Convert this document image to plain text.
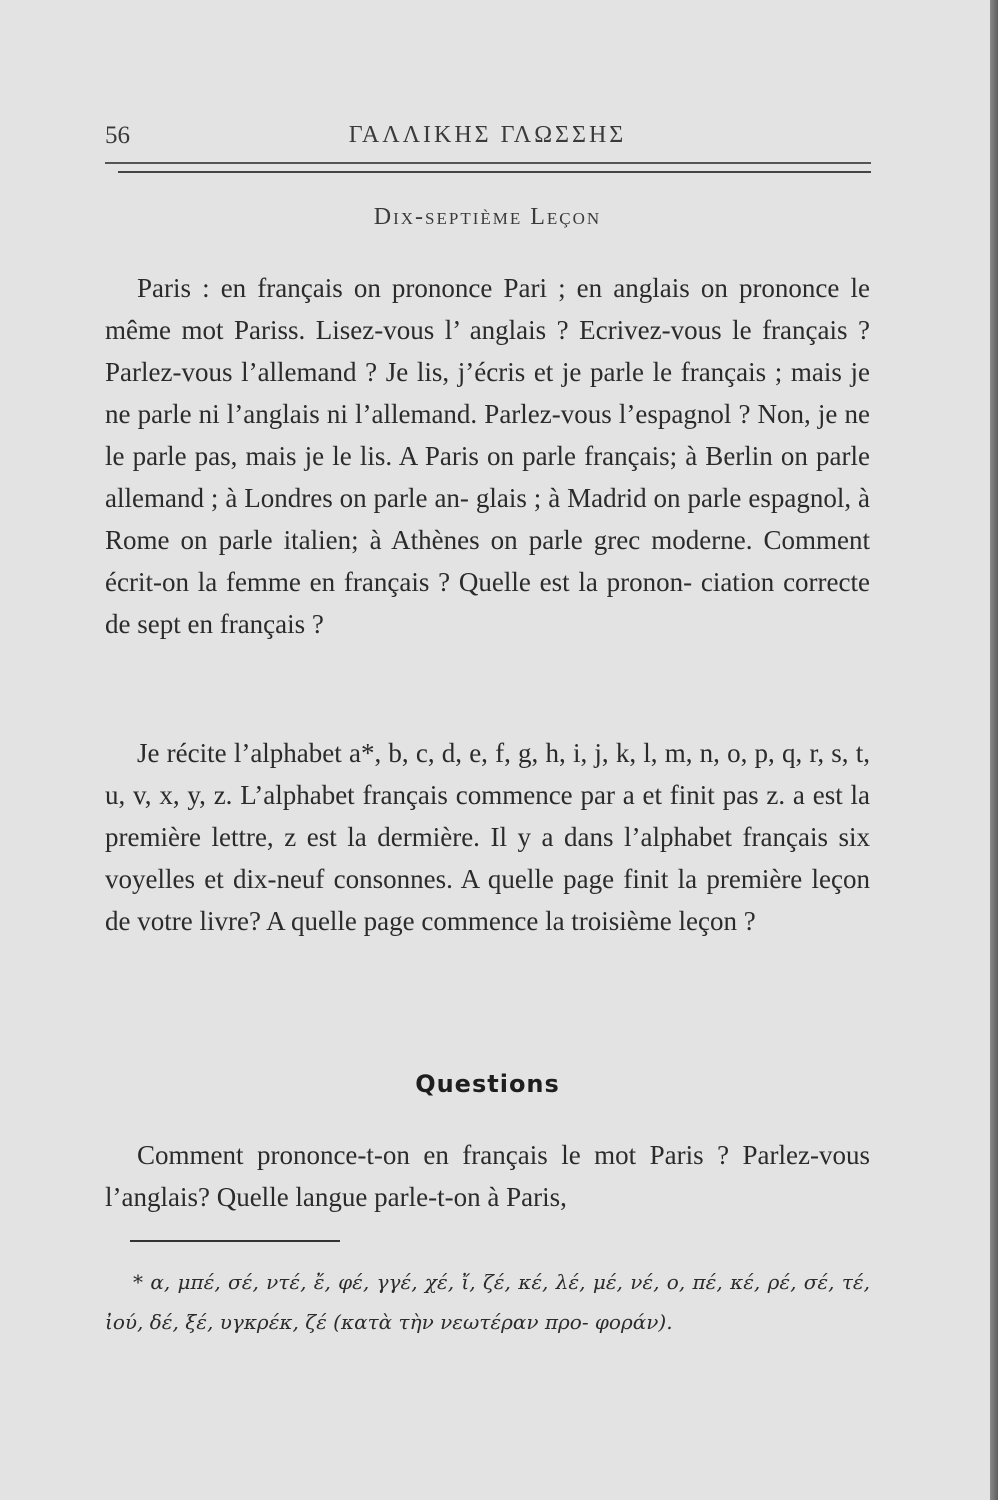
56	ΓΑΛΛΙΚΗΣ ΓΛΩΣΣΗΣ
Dix-septième Leçon
Paris : en français on prononce Pari ; en anglais on prononce le même mot Pariss. Lisez-vous l’ anglais ? Ecrivez-vous le français ? Parlez-vous l’allemand ? Je lis, j’écris et je parle le français ; mais je ne parle ni l’anglais ni l’allemand. Parlez-vous l’espagnol ? Non, je ne le parle pas, mais je le lis. A Paris on parle français; à Berlin on parle allemand ; à Londres on parle an- glais ; à Madrid on parle espagnol, à Rome on parle italien; à Athènes on parle grec moderne. Comment écrit-on la femme en français ? Quelle est la pronon- ciation correcte de sept en français ?
Je récite l’alphabet a*, b, c, d, e, f, g, h, i, j, k, l, m, n, o, p, q, r, s, t, u, v, x, y, z. L’alphabet français commence par a et finit pas z. a est la première lettre, z est la dermière. Il y a dans l’alphabet français six voyelles et dix-neuf consonnes. A quelle page finit la première leçon de votre livre? A quelle page commence la troisième leçon ?
Questions
Comment prononce-t-on en français le mot Paris ? Parlez-vous l’anglais? Quelle langue parle-t-on à Paris,
* α, μπέ, σέ, ντέ, ἔ, φέ, γγέ, χέ, ἴ, ζέ, κέ, λέ, μέ, νέ, ο, πέ, κέ, ρέ, σέ, τέ, ἰού, δέ, ξέ, υγκρέκ, ζέ (κατὰ τὴν νεωτέραν προ- φοράν).
